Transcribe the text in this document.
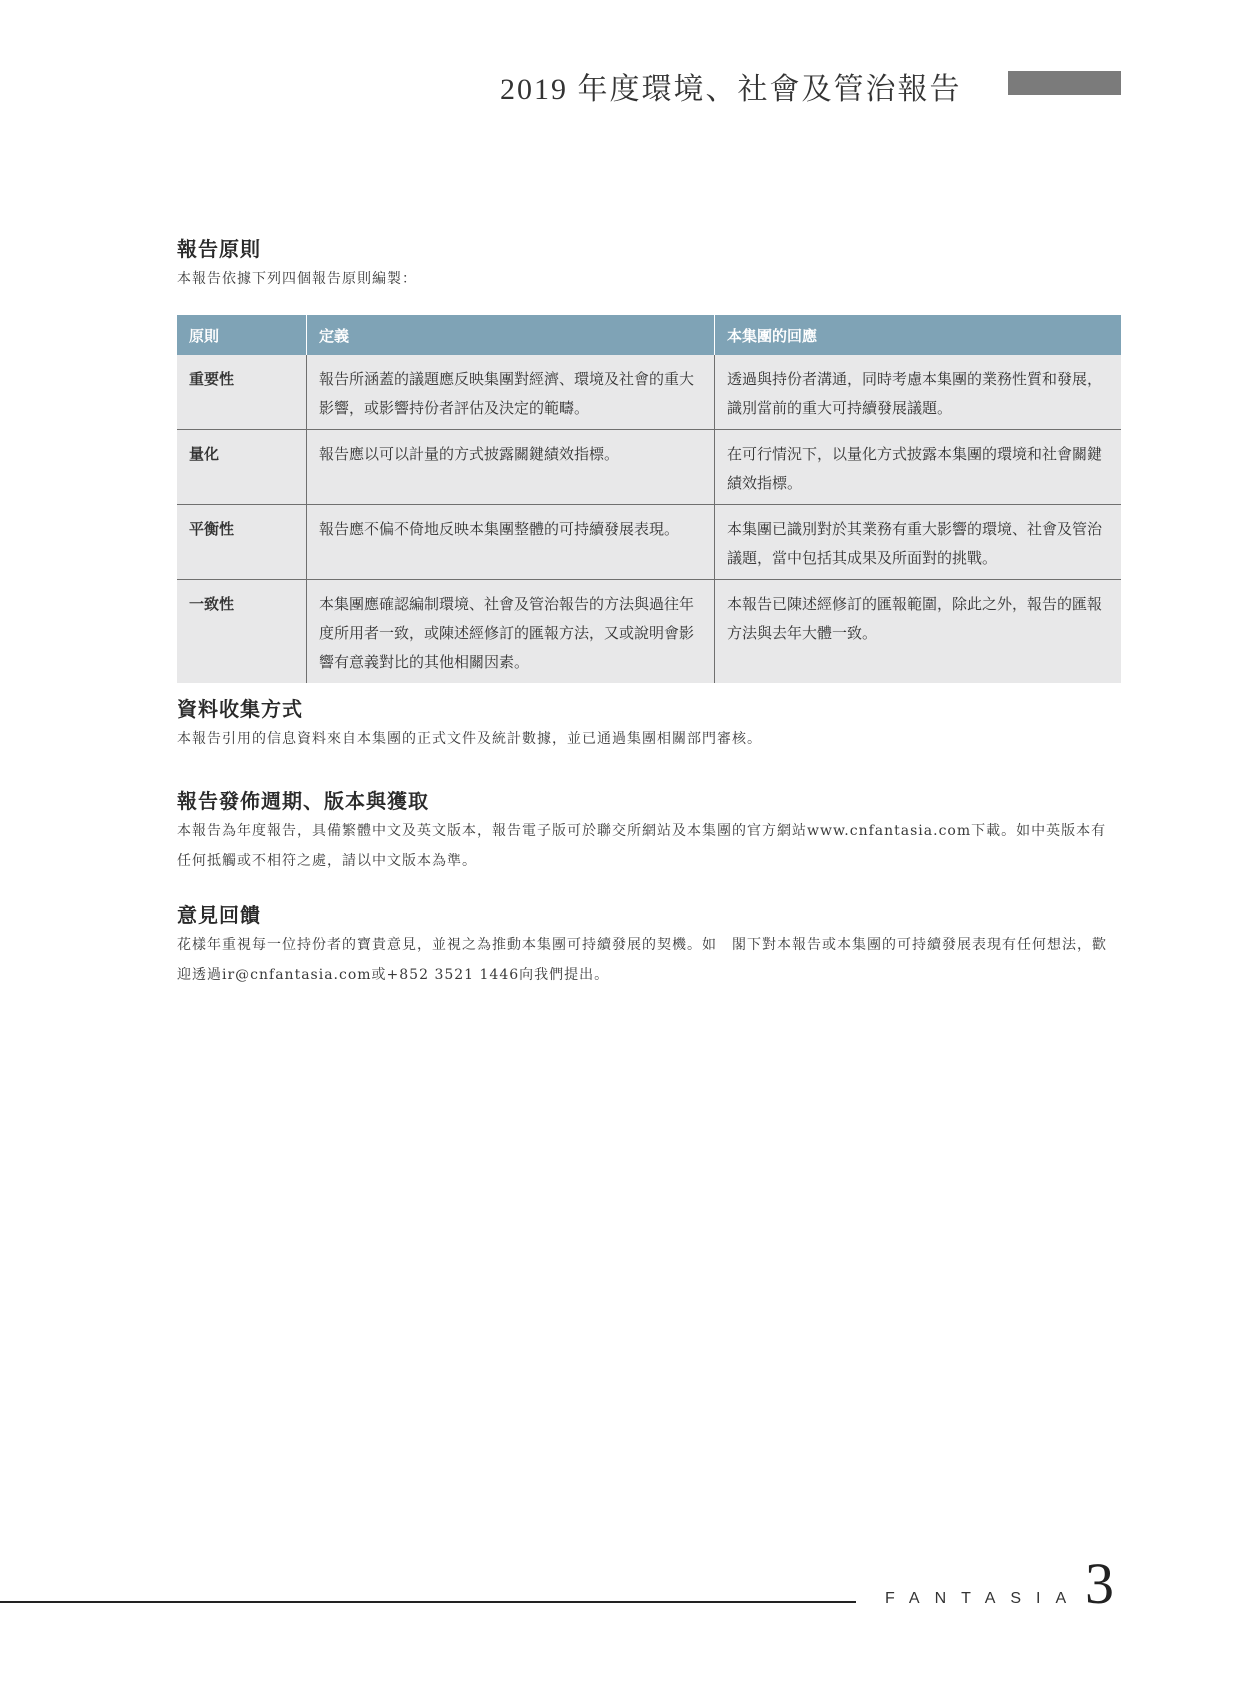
2019 年度環境、社會及管治報告
報告原則

本報告依據下列四個報告原則編製：

原則	定義	本集團的回應
重要性	報告所涵蓋的議題應反映集團對經濟、環境及社會的重大影響，或影響持份者評估及決定的範疇。	透過與持份者溝通，同時考慮本集團的業務性質和發展，識別當前的重大可持續發展議題。
量化	報告應以可以計量的方式披露關鍵績效指標。	在可行情況下，以量化方式披露本集團的環境和社會關鍵績效指標。
平衡性	報告應不偏不倚地反映本集團整體的可持續發展表現。	本集團已識別對於其業務有重大影響的環境、社會及管治議題，當中包括其成果及所面對的挑戰。
一致性	本集團應確認編制環境、社會及管治報告的方法與過往年度所用者一致，或陳述經修訂的匯報方法，又或說明會影響有意義對比的其他相關因素。	本報告已陳述經修訂的匯報範圍，除此之外，報告的匯報方法與去年大體一致。
資料收集方式

本報告引用的信息資料來自本集團的正式文件及統計數據，並已通過集團相關部門審核。

報告發佈週期、版本與獲取

本報告為年度報告，具備繁體中文及英文版本，報告電子版可於聯交所網站及本集團的官方網站www.cnfantasia.com下載。如中英版本有任何抵觸或不相符之處，請以中文版本為準。

意見回饋

花樣年重視每一位持份者的寶貴意見，並視之為推動本集團可持續發展的契機。如　閣下對本報告或本集團的可持續發展表現有任何想法，歡迎透過ir@cnfantasia.com或+852 3521 1446向我們提出。

FANTASIA 3
